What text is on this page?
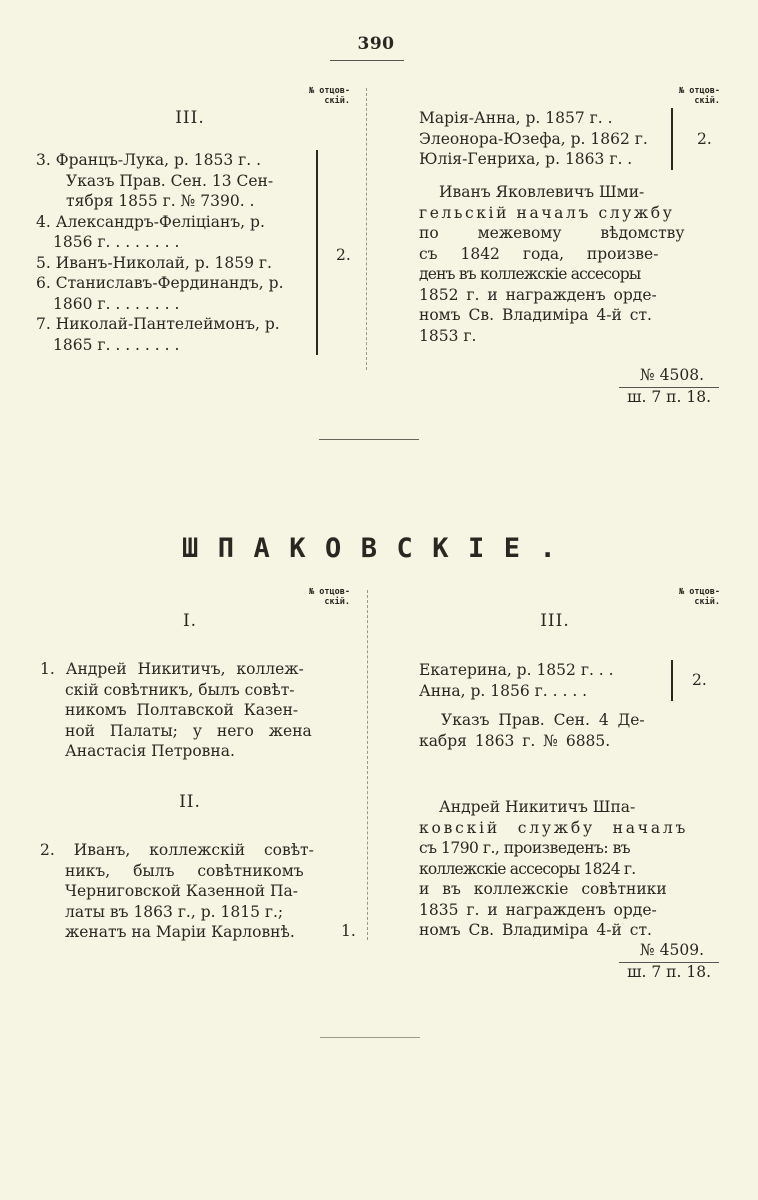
390
№ отцов-
скій.
III.
3. Францъ-Лука, р. 1853 г. .
Указъ Прав. Сен. 13 Сен-
тября 1855 г. № 7390. .
4. Александръ-Феліціанъ, р.
1856 г. . . . . . . .
5. Иванъ-Николай, р. 1859 г.
6. Станиславъ-Фердинандъ, р.
1860 г. . . . . . . .
7. Николай-Пантелеймонъ, р.
1865 г. . . . . . . .
2.
№ отцов-
скій.
Марія-Анна, р. 1857 г. .
Элеонора-Юзефа, р. 1862 г.
Юлія-Генриха, р. 1863 г. .
2.
Иванъ Яковлевичъ Шми-
гельскій началъ службу
по межевому вѣдомству
съ 1842 года, произве-
денъ въ коллежскіе ассесоры
1852 г. и награжденъ орде-
номъ Св. Владиміра 4-й ст.
1853 г.
№ 4508.
ш. 7 п. 18.
ШПАКОВСКІЕ.
№ отцов-
скій.
I.
1. Андрей Никитичъ, коллеж-
скій совѣтникъ, былъ совѣт-
никомъ Полтавской Казен-
ной Палаты; у него жена
Анастасія Петровна.
II.
2. Иванъ, коллежскій совѣт-
никъ, былъ совѣтникомъ
Черниговской Казенной Па-
латы въ 1863 г., р. 1815 г.;
женатъ на Маріи Карловнѣ.	1.
№ отцов-
скій.
III.
Екатерина, р. 1852 г. . .
Анна, р. 1856 г. . . . .
2.
Указъ Прав. Сен. 4 Де-
кабря 1863 г. № 6885.
Андрей Никитичъ Шпа-
ковскій службу началъ
съ 1790 г., произведенъ: въ
коллежскіе ассесоры 1824 г.
и въ коллежскіе совѣтники
1835 г. и награжденъ орде-
номъ Св. Владиміра 4-й ст.
№ 4509.
ш. 7 п. 18.
